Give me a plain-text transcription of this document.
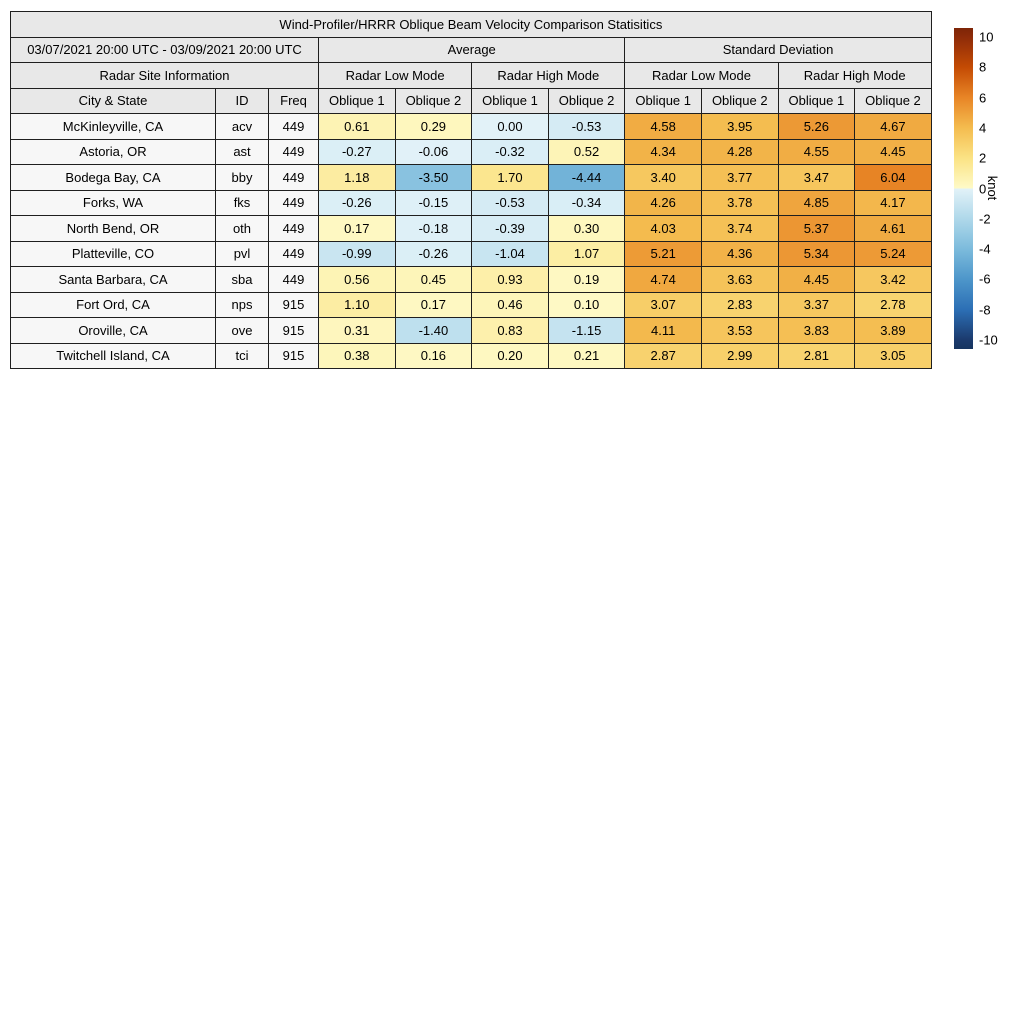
Wind-Profiler/HRRR Oblique Beam Velocity Comparison Statisitics										
03/07/2021 20:00 UTC - 03/09/2021 20:00 UTC			Average				Standard Deviation			
Radar Site Information			Radar Low Mode		Radar High Mode		Radar Low Mode		Radar High Mode	
City & State	ID	Freq	Oblique 1	Oblique 2	Oblique 1	Oblique 2	Oblique 1	Oblique 2	Oblique 1	Oblique 2
McKinleyville, CA	acv	449	0.61	0.29	0.00	-0.53	4.58	3.95	5.26	4.67
Astoria, OR	ast	449	-0.27	-0.06	-0.32	0.52	4.34	4.28	4.55	4.45
Bodega Bay, CA	bby	449	1.18	-3.50	1.70	-4.44	3.40	3.77	3.47	6.04
Forks, WA	fks	449	-0.26	-0.15	-0.53	-0.34	4.26	3.78	4.85	4.17
North Bend, OR	oth	449	0.17	-0.18	-0.39	0.30	4.03	3.74	5.37	4.61
Platteville, CO	pvl	449	-0.99	-0.26	-1.04	1.07	5.21	4.36	5.34	5.24
Santa Barbara, CA	sba	449	0.56	0.45	0.93	0.19	4.74	3.63	4.45	3.42
Fort Ord, CA	nps	915	1.10	0.17	0.46	0.10	3.07	2.83	3.37	2.78
Oroville, CA	ove	915	0.31	-1.40	0.83	-1.15	4.11	3.53	3.83	3.89
Twitchell Island, CA	tci	915	0.38	0.16	0.20	0.21	2.87	2.99	2.81	3.05
10
8
6
4
2
0
-2
-4
-6
-8
-10
knot
